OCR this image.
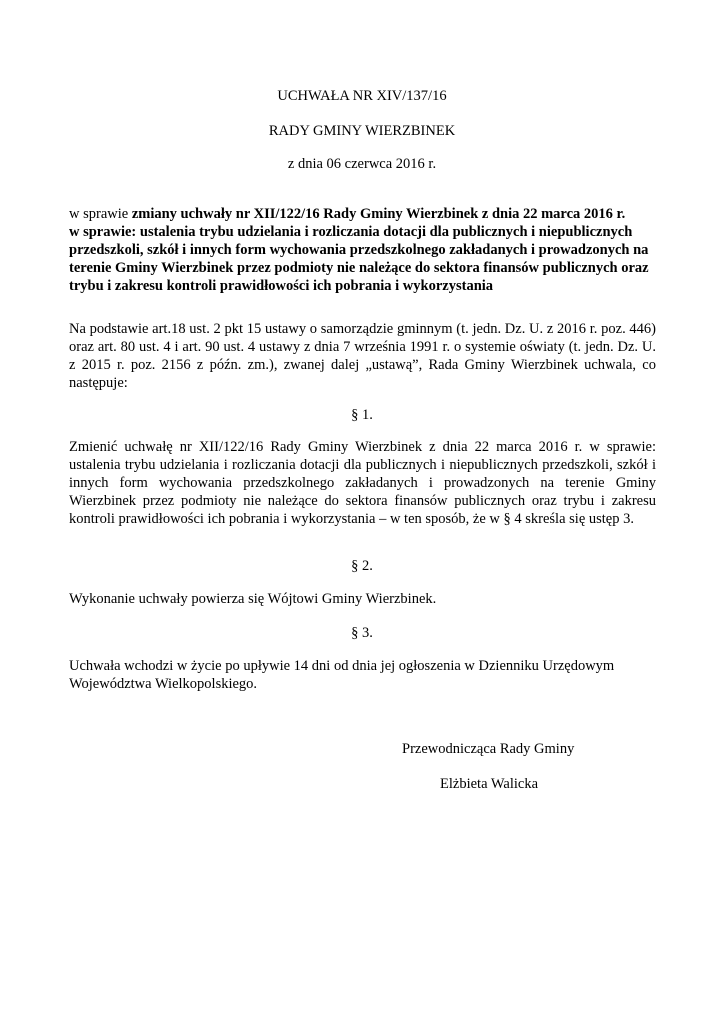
UCHWAŁA NR XIV/137/16

RADY GMINY WIERZBINEK

z dnia 06 czerwca 2016 r.

w sprawie zmiany uchwały nr XII/122/16 Rady Gminy Wierzbinek z dnia 22 marca 2016 r.
w sprawie: ustalenia trybu udzielania i rozliczania dotacji dla publicznych i niepublicznych przedszkoli, szkół i innych form wychowania przedszkolnego zakładanych i prowadzonych na terenie Gminy Wierzbinek przez podmioty nie należące do sektora finansów publicznych oraz trybu i zakresu kontroli prawidłowości ich pobrania i wykorzystania

Na podstawie art.18 ust. 2 pkt 15 ustawy o samorządzie gminnym (t. jedn. Dz. U. z 2016 r. poz. 446) oraz art. 80 ust. 4 i art. 90 ust. 4 ustawy z dnia 7 września 1991 r. o systemie oświaty (t. jedn. Dz. U. z 2015 r. poz. 2156 z późn. zm.), zwanej dalej „ustawą”, Rada Gminy Wierzbinek uchwala, co następuje:

§ 1.

Zmienić uchwałę nr XII/122/16 Rady Gminy Wierzbinek z dnia 22 marca 2016 r. w sprawie: ustalenia trybu udzielania i rozliczania dotacji dla publicznych i niepublicznych przedszkoli, szkół i innych form wychowania przedszkolnego zakładanych i prowadzonych na terenie Gminy Wierzbinek przez podmioty nie należące do sektora finansów publicznych oraz trybu i zakresu kontroli prawidłowości ich pobrania i wykorzystania – w ten sposób, że w § 4 skreśla się ustęp 3.

§ 2.

Wykonanie uchwały powierza się Wójtowi Gminy Wierzbinek.

§ 3.

Uchwała wchodzi w życie po upływie 14 dni od dnia jej ogłoszenia w Dzienniku Urzędowym Województwa Wielkopolskiego.

Przewodnicząca Rady Gminy

Elżbieta Walicka
